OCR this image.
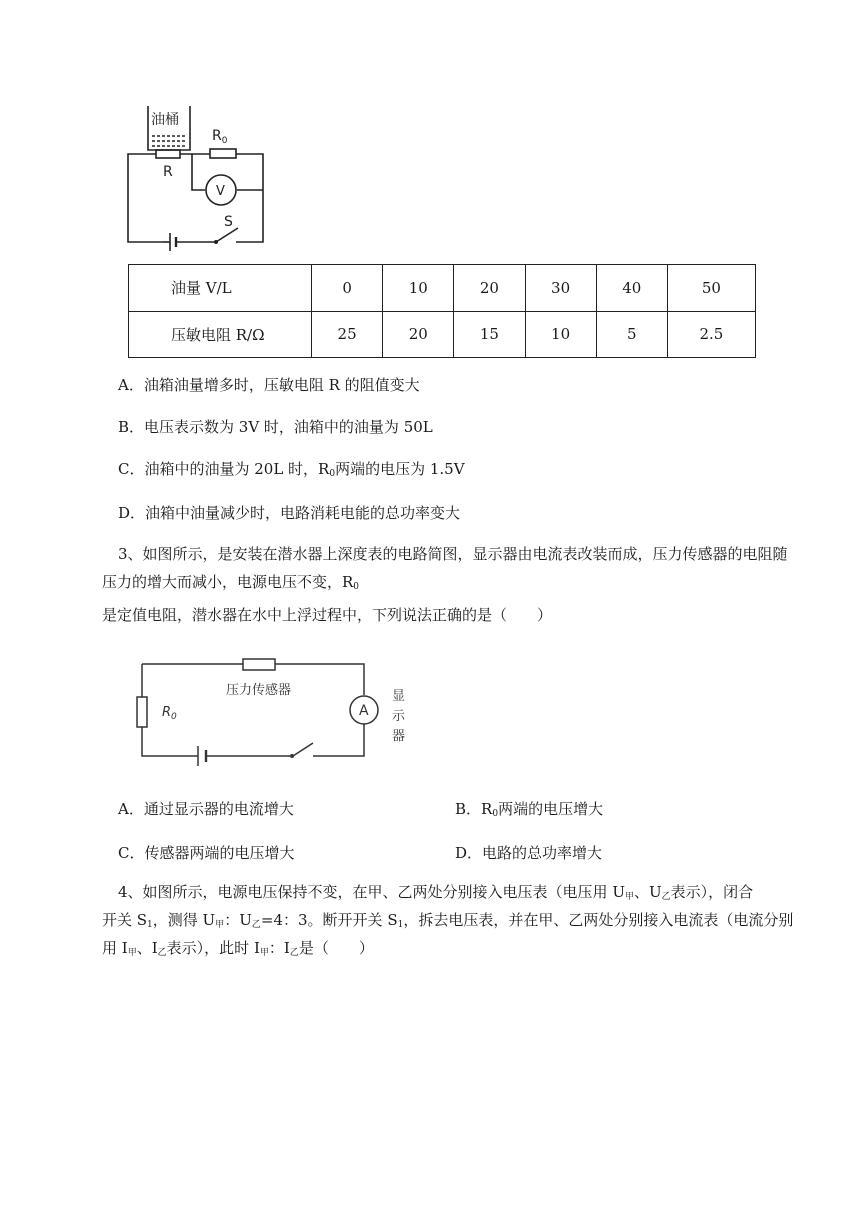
油桶
$R_0$
R
V
S
油量 V/L	0	10	20	30	40	50
压敏电阻 R/Ω	25	20	15	10	5	2.5
A．油箱油量增多时，压敏电阻 R 的阻值变大
B．电压表示数为 3V 时，油箱中的油量为 50L
C．油箱中的油量为 20L 时，$R_0$两端的电压为 1.5V
D．油箱中油量减少时，电路消耗电能的总功率变大
3、如图所示，是安装在潜水器上深度表的电路简图，显示器由电流表改装而成，压力传感器的电阻随压力的增大而减小，电源电压不变，$R_0$是定值电阻，潜水器在水中上浮过程中，下列说法正确的是（　　）
压力传感器
$R_0$	A
显
示
器
A．通过显示器的电流增大	B．$R_0$两端的电压增大
C．传感器两端的电压增大	D．电路的总功率增大
4、如图所示，电源电压保持不变，在甲、乙两处分别接入电压表（电压用 $U_甲$、$U_乙$表示），闭合
开关 $S_1$，测得 $U_甲$：$U_乙=4$：3。断开开关 $S_1$，拆去电压表，并在甲、乙两处分别接入电流表（电流分别
用 $I_甲$、$I_乙$表示），此时 $I_甲$：$I_乙$是（　　）
